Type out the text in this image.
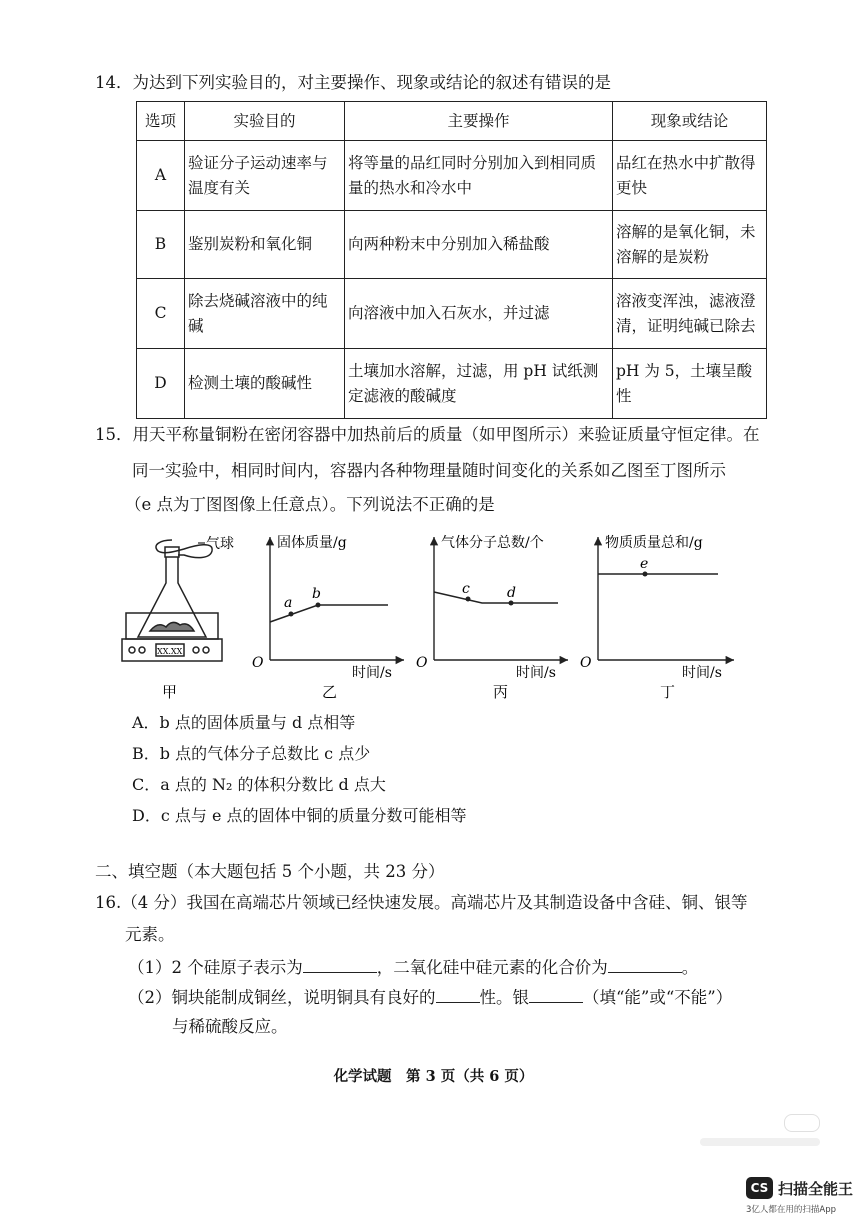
14．为达到下列实验目的，对主要操作、现象或结论的叙述有错误的是
选项	实验目的	主要操作	现象或结论
A	验证分子运动速率与温度有关	将等量的品红同时分别加入到相同质量的热水和冷水中	品红在热水中扩散得更快
B	鉴别炭粉和氧化铜	向两种粉末中分别加入稀盐酸	溶解的是氧化铜，未溶解的是炭粉
C	除去烧碱溶液中的纯碱	向溶液中加入石灰水，并过滤	溶液变浑浊，滤液澄清，证明纯碱已除去
D	检测土壤的酸碱性	土壤加水溶解，过滤，用 pH 试纸测定滤液的酸碱度	pH 为 5，土壤呈酸性
15．用天平称量铜粉在密闭容器中加热前后的质量（如甲图所示）来验证质量守恒定律。在
同一实验中，相同时间内，容器内各种物理量随时间变化的关系如乙图至丁图所示
（e 点为丁图图像上任意点）。下列说法不正确的是
气球
XX.XX
甲
固体质量/g
时间/s
O
a
b
乙
气体分子总数/个
时间/s
O
c	d
丙
物质质量总和/g
时间/s
O
e
丁
A．b 点的固体质量与 d 点相等
B．b 点的气体分子总数比 c 点少
C．a 点的 N₂ 的体积分数比 d 点大
D．c 点与 e 点的固体中铜的质量分数可能相等
二、填空题（本大题包括 5 个小题，共 23 分）
16.（4 分）我国在高端芯片领域已经快速发展。高端芯片及其制造设备中含硅、铜、银等
元素。
（1）2 个硅原子表示为	，二氧化硅中硅元素的化合价为	。
（2）铜块能制成铜丝，说明铜具有良好的	性。银	（填“能”或“不能”）
与稀硫酸反应。
化学试题　第 3 页（共 6 页）
CS 扫描全能王
3亿人都在用的扫描App
